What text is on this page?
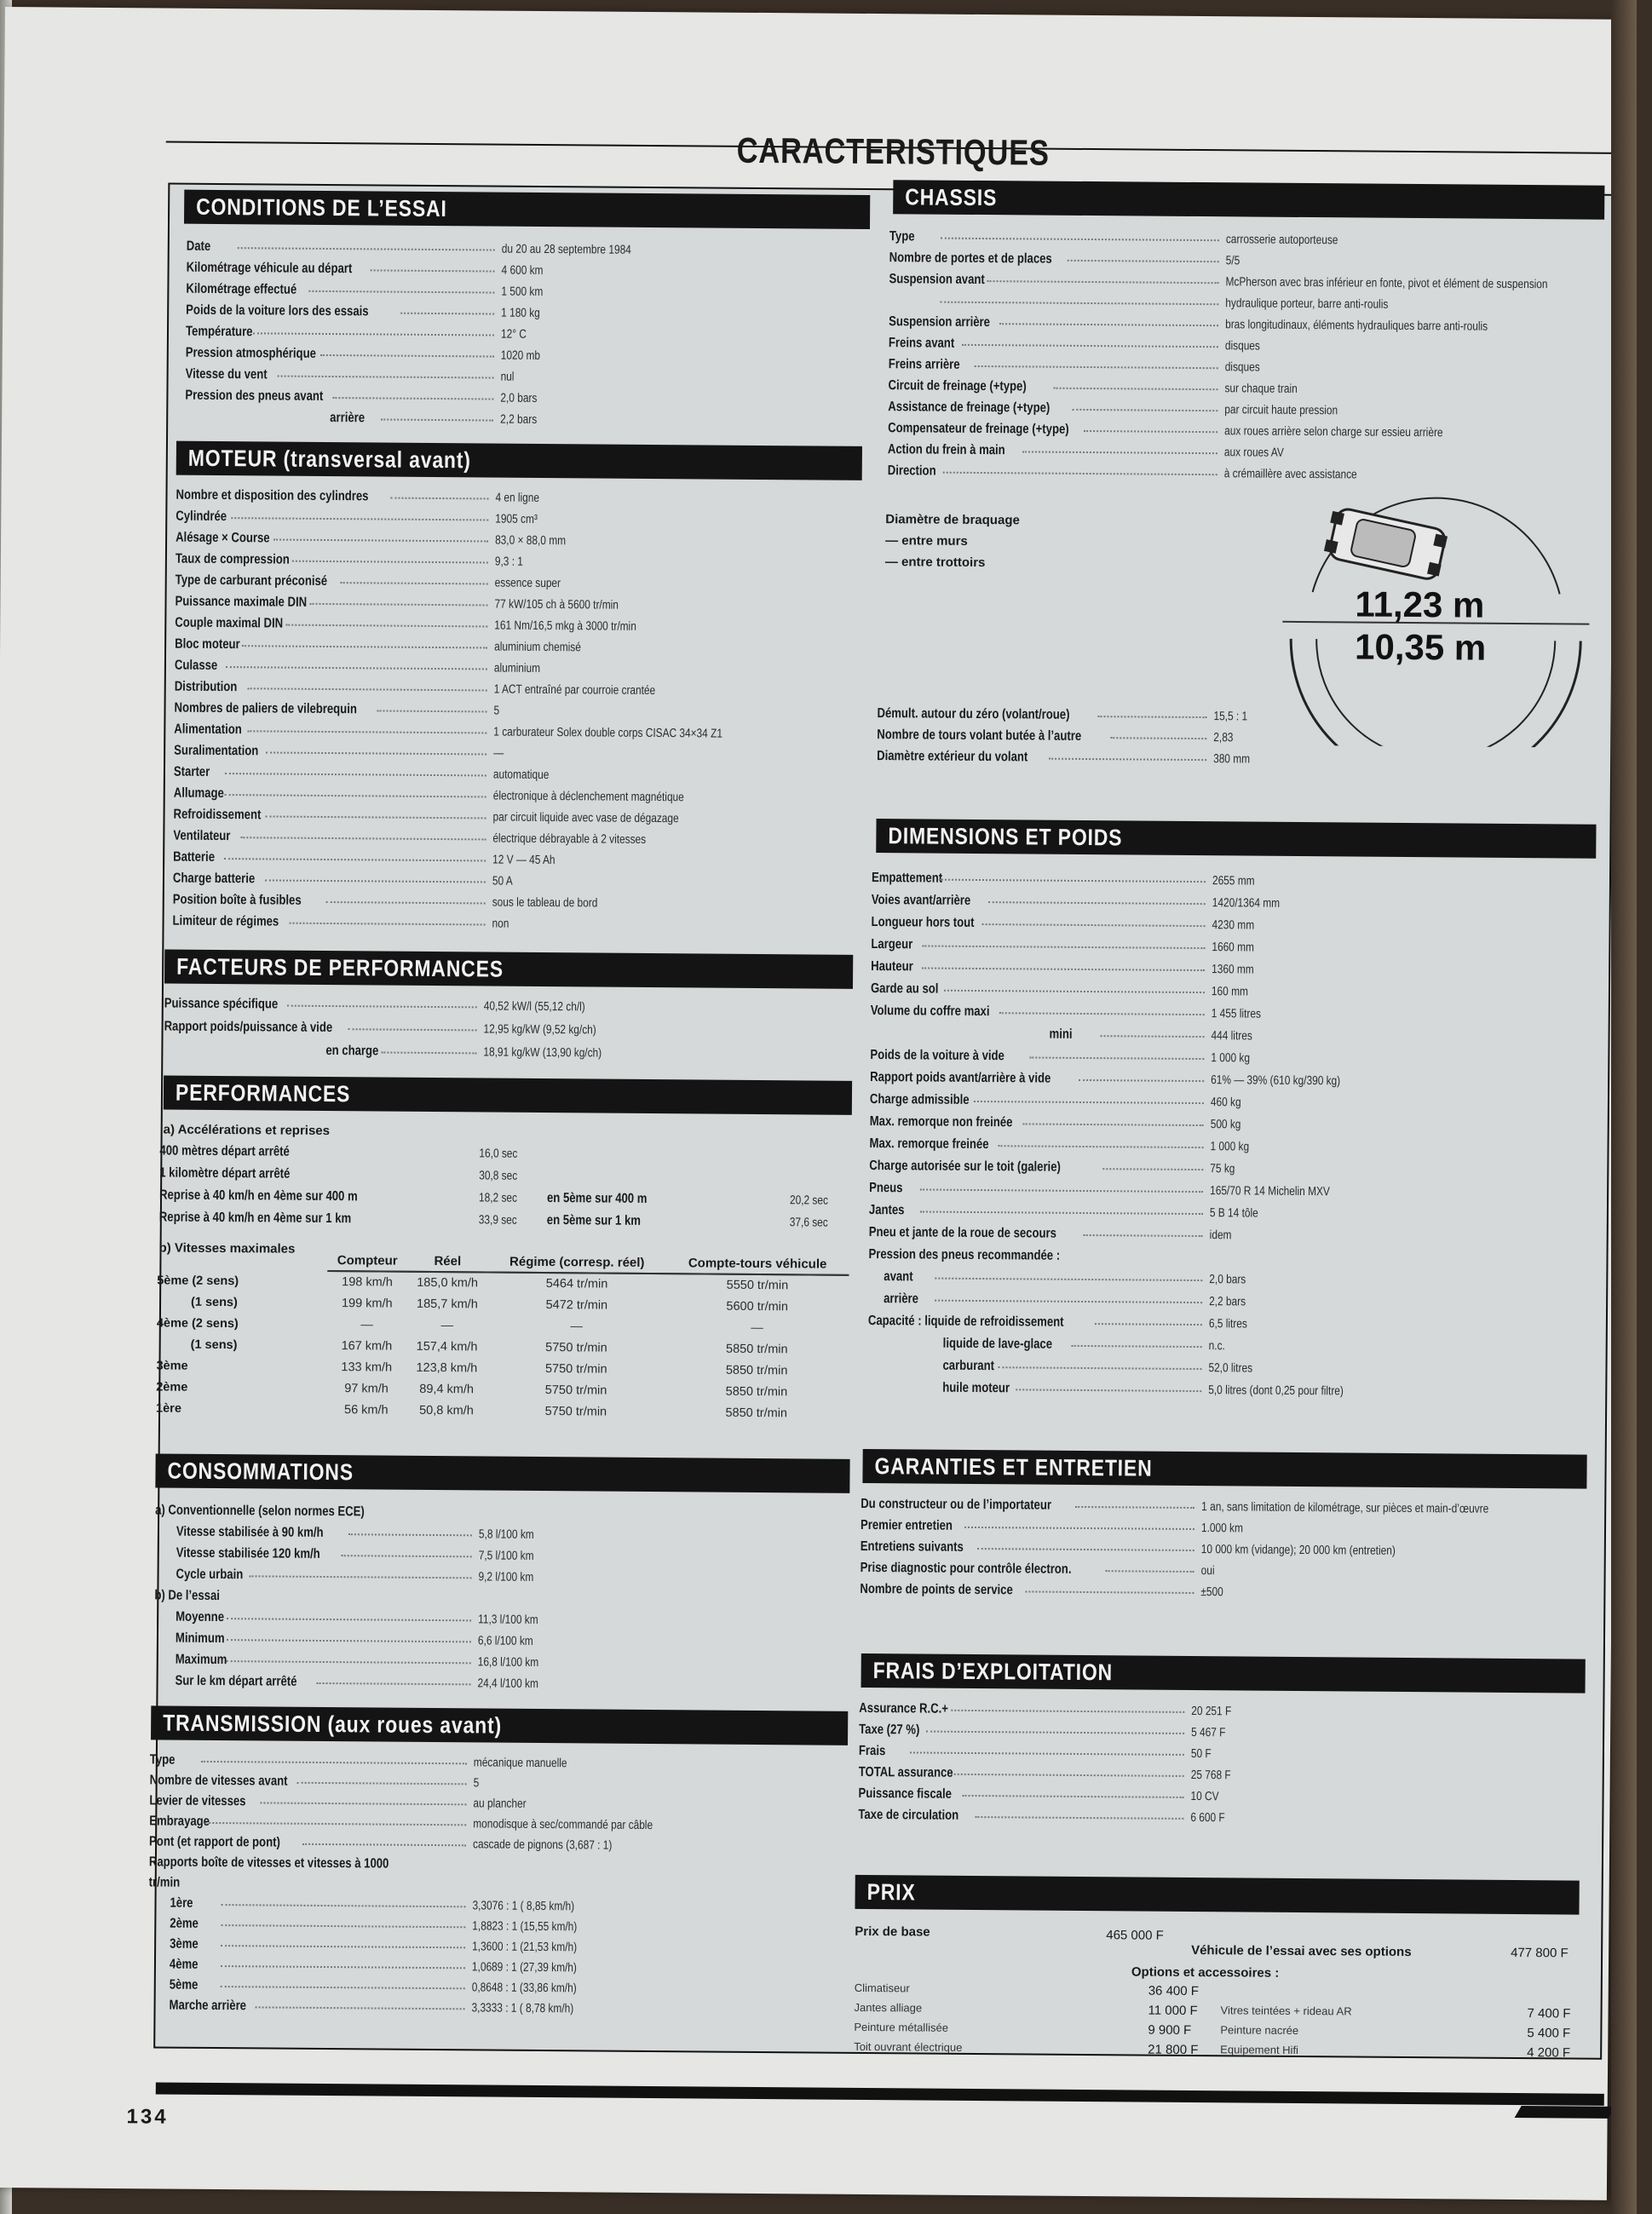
CARACTERISTIQUES
CONDITIONS DE L’ESSAI
Date	du 20 au 28 septembre 1984
Kilométrage véhicule au départ	4 600 km
Kilométrage effectué	1 500 km
Poids de la voiture lors des essais	1 180 kg
Température	12° C
Pression atmosphérique	1020 mb
Vitesse du vent	nul
Pression des pneus avant	2,0 bars
arrière	2,2 bars
MOTEUR (transversal avant)
Nombre et disposition des cylindres	4 en ligne
Cylindrée	1905 cm³
Alésage × Course	83,0 × 88,0 mm
Taux de compression	9,3 : 1
Type de carburant préconisé	essence super
Puissance maximale DIN	77 kW/105 ch à 5600 tr/min
Couple maximal DIN	161 Nm/16,5 mkg à 3000 tr/min
Bloc moteur	aluminium chemisé
Culasse	aluminium
Distribution	1 ACT entraîné par courroie crantée
Nombres de paliers de vilebrequin	5
Alimentation	1 carburateur Solex double corps CISAC 34×34 Z1
Suralimentation	—
Starter	automatique
Allumage	électronique à déclenchement magnétique
Refroidissement	par circuit liquide avec vase de dégazage
Ventilateur	électrique débrayable à 2 vitesses
Batterie	12 V — 45 Ah
Charge batterie	50 A
Position boîte à fusibles	sous le tableau de bord
Limiteur de régimes	non
FACTEURS DE PERFORMANCES
Puissance spécifique	40,52 kW/l (55,12 ch/l)
Rapport poids/puissance à vide	12,95 kg/kW (9,52 kg/ch)
en charge	18,91 kg/kW (13,90 kg/ch)
PERFORMANCES
a) Accélérations et reprises
400 mètres départ arrêté	16,0 sec
1 kilomètre départ arrêté	30,8 sec
Reprise à 40 km/h en 4ème sur 400 m	18,2 sec en 5ème sur 400 m	20,2 sec
Reprise à 40 km/h en 4ème sur 1 km	33,9 sec en 5ème sur 1 km	37,6 sec
b) Vitesses maximales
	Compteur	Réel	Régime (corresp. réel)	Compte-tours véhicule
5ème (2 sens)	198 km/h	185,0 km/h	5464 tr/min	5550 tr/min
(1 sens)	199 km/h	185,7 km/h	5472 tr/min	5600 tr/min
4ème (2 sens)	—	—	—	—
(1 sens)	167 km/h	157,4 km/h	5750 tr/min	5850 tr/min
3ème	133 km/h	123,8 km/h	5750 tr/min	5850 tr/min
2ème	97 km/h	89,4 km/h	5750 tr/min	5850 tr/min
1ère	56 km/h	50,8 km/h	5750 tr/min	5850 tr/min
CONSOMMATIONS
a) Conventionnelle (selon normes ECE)
Vitesse stabilisée à 90 km/h	5,8 l/100 km
Vitesse stabilisée 120 km/h	7,5 l/100 km
Cycle urbain	9,2 l/100 km
b) De l’essai
Moyenne	11,3 l/100 km
Minimum	6,6 l/100 km
Maximum	16,8 l/100 km
Sur le km départ arrêté	24,4 l/100 km
TRANSMISSION (aux roues avant)
Type	mécanique manuelle
Nombre de vitesses avant	5
Levier de vitesses	au plancher
Embrayage	monodisque à sec/commandé par câble
Pont (et rapport de pont)	cascade de pignons (3,687 : 1)
Rapports boîte de vitesses et vitesses à 1000
tr/min
1ère	3,3076 : 1 ( 8,85 km/h)
2ème	1,8823 : 1 (15,55 km/h)
3ème	1,3600 : 1 (21,53 km/h)
4ème	1,0689 : 1 (27,39 km/h)
5ème	0,8648 : 1 (33,86 km/h)
Marche arrière	3,3333 : 1 ( 8,78 km/h)
CHASSIS
Type	carrosserie autoporteuse
Nombre de portes et de places	5/5
Suspension avant	McPherson avec bras inférieur en fonte, pivot et élément de suspension
hydraulique porteur, barre anti-roulis
Suspension arrière	bras longitudinaux, éléments hydrauliques barre anti-roulis
Freins avant	disques
Freins arrière	disques
Circuit de freinage (+type)	sur chaque train
Assistance de freinage (+type)	par circuit haute pression
Compensateur de freinage (+type)	aux roues arrière selon charge sur essieu arrière
Action du frein à main	aux roues AV
Direction	à crémaillère avec assistance
Diamètre de braquage
— entre murs
— entre trottoirs
11,23 m
10,35 m
Démult. autour du zéro (volant/roue)	15,5 : 1
Nombre de tours volant butée à l’autre	2,83
Diamètre extérieur du volant	380 mm
DIMENSIONS ET POIDS
Empattement	2655 mm
Voies avant/arrière	1420/1364 mm
Longueur hors tout	4230 mm
Largeur	1660 mm
Hauteur	1360 mm
Garde au sol	160 mm
Volume du coffre maxi	1 455 litres
mini	444 litres
Poids de la voiture à vide	1 000 kg
Rapport poids avant/arrière à vide	61% — 39% (610 kg/390 kg)
Charge admissible	460 kg
Max. remorque non freinée	500 kg
Max. remorque freinée	1 000 kg
Charge autorisée sur le toit (galerie)	75 kg
Pneus	165/70 R 14 Michelin MXV
Jantes	5 B 14 tôle
Pneu et jante de la roue de secours	idem
Pression des pneus recommandée :
avant	2,0 bars
arrière	2,2 bars
Capacité : liquide de refroidissement	6,5 litres
liquide de lave-glace	n.c.
carburant	52,0 litres
huile moteur	5,0 litres (dont 0,25 pour filtre)
GARANTIES ET ENTRETIEN
Du constructeur ou de l’importateur	1 an, sans limitation de kilométrage, sur pièces et main-d’œuvre
Premier entretien	1.000 km
Entretiens suivants	10 000 km (vidange); 20 000 km (entretien)
Prise diagnostic pour contrôle électron.	oui
Nombre de points de service	±500
FRAIS D’EXPLOITATION
Assurance R.C.+	20 251 F
Taxe (27 %)	5 467 F
Frais	50 F
TOTAL assurance	25 768 F
Puissance fiscale	10 CV
Taxe de circulation	6 600 F
PRIX
Prix de base	465 000 F
Véhicule de l’essai avec ses options	477 800 F
Options et accessoires :
Climatiseur	36 400 F
Jantes alliage	11 000 F
Peinture métallisée	9 900 F
Toit ouvrant électrique	21 800 F
Vitres teintées + rideau AR	7 400 F
Peinture nacrée	5 400 F
Equipement Hifi	4 200 F
134
